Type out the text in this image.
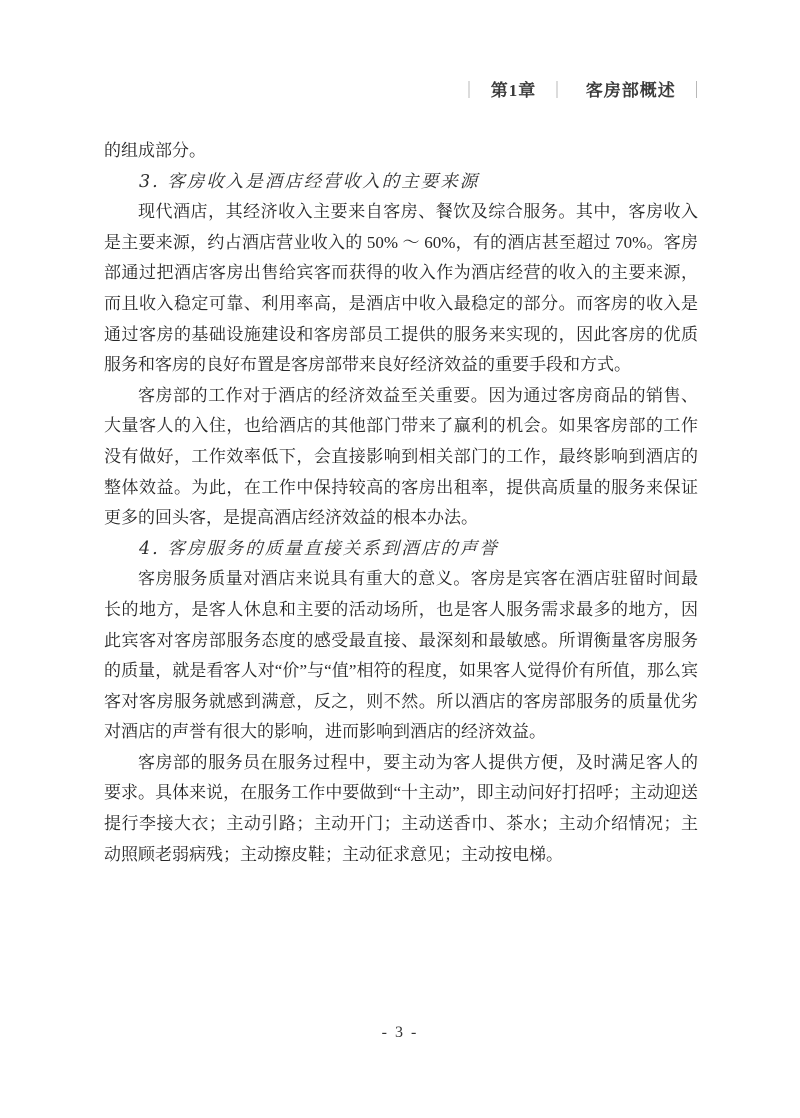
｜ 第1章 ｜ 客房部概述 ｜

的组成部分。

3. 客房收入是酒店经营收入的主要来源

现代酒店，其经济收入主要来自客房、餐饮及综合服务。其中，客房收入是主要来源，约占酒店营业收入的 50% ～ 60%，有的酒店甚至超过 70%。客房部通过把酒店客房出售给宾客而获得的收入作为酒店经营的收入的主要来源，而且收入稳定可靠、利用率高，是酒店中收入最稳定的部分。而客房的收入是通过客房的基础设施建设和客房部员工提供的服务来实现的，因此客房的优质服务和客房的良好布置是客房部带来良好经济效益的重要手段和方式。

客房部的工作对于酒店的经济效益至关重要。因为通过客房商品的销售、大量客人的入住，也给酒店的其他部门带来了赢利的机会。如果客房部的工作没有做好，工作效率低下，会直接影响到相关部门的工作，最终影响到酒店的整体效益。为此，在工作中保持较高的客房出租率，提供高质量的服务来保证更多的回头客，是提高酒店经济效益的根本办法。

4. 客房服务的质量直接关系到酒店的声誉

客房服务质量对酒店来说具有重大的意义。客房是宾客在酒店驻留时间最长的地方，是客人休息和主要的活动场所，也是客人服务需求最多的地方，因此宾客对客房部服务态度的感受最直接、最深刻和最敏感。所谓衡量客房服务的质量，就是看客人对“价”与“值”相符的程度，如果客人觉得价有所值，那么宾客对客房服务就感到满意，反之，则不然。所以酒店的客房部服务的质量优劣对酒店的声誉有很大的影响，进而影响到酒店的经济效益。

客房部的服务员在服务过程中，要主动为客人提供方便，及时满足客人的要求。具体来说，在服务工作中要做到“十主动”，即主动问好打招呼；主动迎送提行李接大衣；主动引路；主动开门；主动送香巾、茶水；主动介绍情况；主动照顾老弱病残；主动擦皮鞋；主动征求意见；主动按电梯。

- 3 -
